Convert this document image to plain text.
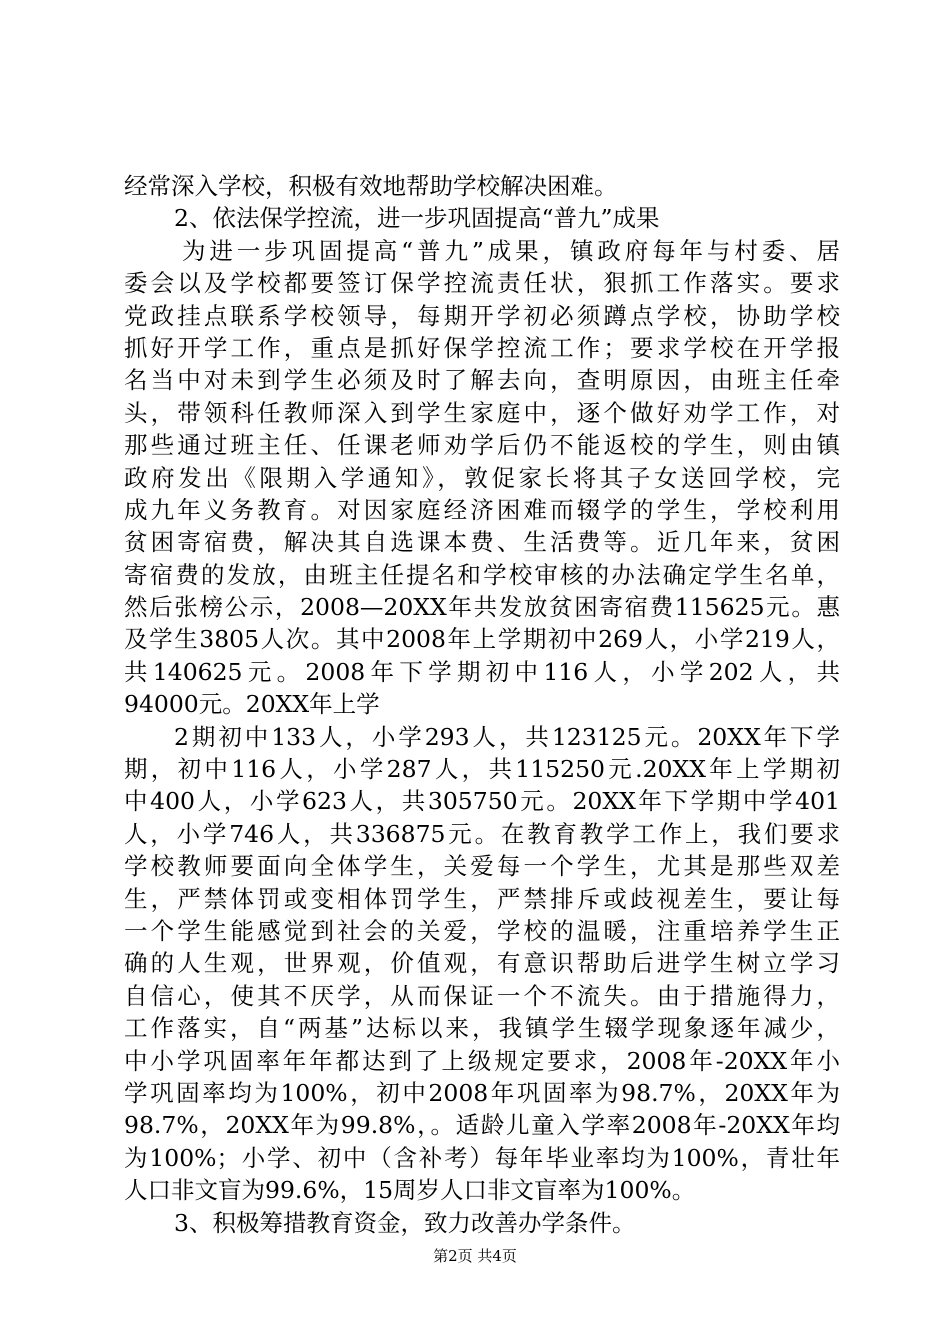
经常深入学校，积极有效地帮助学校解决困难。
2、依法保学控流，进一步巩固提高“普九”成果
为进一步巩固提高“普九”成果，镇政府每年与村委、居
委会以及学校都要签订保学控流责任状，狠抓工作落实。要求
党政挂点联系学校领导，每期开学初必须蹲点学校，协助学校
抓好开学工作，重点是抓好保学控流工作；要求学校在开学报
名当中对未到学生必须及时了解去向，查明原因，由班主任牵
头，带领科任教师深入到学生家庭中，逐个做好劝学工作，对
那些通过班主任、任课老师劝学后仍不能返校的学生，则由镇
政府发出《限期入学通知》，敦促家长将其子女送回学校，完
成九年义务教育。对因家庭经济困难而辍学的学生，学校利用
贫困寄宿费，解决其自选课本费、生活费等。近几年来，贫困
寄宿费的发放，由班主任提名和学校审核的办法确定学生名单，
然后张榜公示，2008—20XX年共发放贫困寄宿费115625元。惠
及学生3805人次。其中2008年上学期初中269人，小学219人，
共140625元。2008年下学期初中116人，小学202人，共
94000元。20XX年上学
2期初中133人，小学293人，共123125元。20XX年下学
期，初中116人，小学287人，共115250元.20XX年上学期初
中400人，小学623人，共305750元。20XX年下学期中学401
人，小学746人，共336875元。在教育教学工作上，我们要求
学校教师要面向全体学生，关爱每一个学生，尤其是那些双差
生，严禁体罚或变相体罚学生，严禁排斥或歧视差生，要让每
一个学生能感觉到社会的关爱，学校的温暖，注重培养学生正
确的人生观，世界观，价值观，有意识帮助后进学生树立学习
自信心，使其不厌学，从而保证一个不流失。由于措施得力，
工作落实，自“两基”达标以来，我镇学生辍学现象逐年减少，
中小学巩固率年年都达到了上级规定要求，2008年-20XX年小
学巩固率均为100%，初中2008年巩固率为98.7%，20XX年为
98.7%，20XX年为99.8%，。适龄儿童入学率2008年-20XX年均
为100%；小学、初中（含补考）每年毕业率均为100%，青壮年
人口非文盲为99.6%，15周岁人口非文盲率为100%。
3、积极筹措教育资金，致力改善办学条件。
第2页 共4页
